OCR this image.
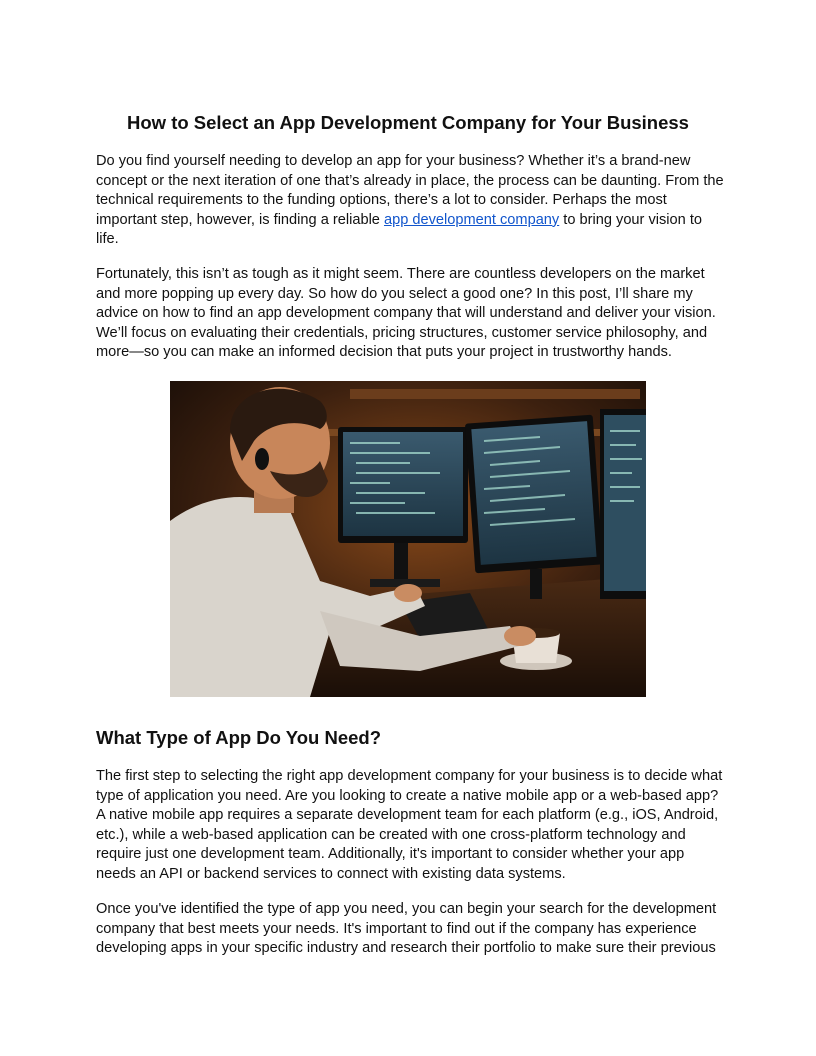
How to Select an App Development Company for Your Business

Do you find yourself needing to develop an app for your business? Whether it’s a brand-new concept or the next iteration of one that’s already in place, the process can be daunting. From the technical requirements to the funding options, there’s a lot to consider. Perhaps the most important step, however, is finding a reliable app development company to bring your vision to life.

Fortunately, this isn’t as tough as it might seem. There are countless developers on the market and more popping up every day. So how do you select a good one? In this post, I’ll share my advice on how to find an app development company that will understand and deliver your vision. We’ll focus on evaluating their credentials, pricing structures, customer service philosophy, and more—so you can make an informed decision that puts your project in trustworthy hands.

What Type of App Do You Need?

The first step to selecting the right app development company for your business is to decide what type of application you need. Are you looking to create a native mobile app or a web-based app? A native mobile app requires a separate development team for each platform (e.g., iOS, Android, etc.), while a web-based application can be created with one cross-platform technology and require just one development team. Additionally, it's important to consider whether your app needs an API or backend services to connect with existing data systems.

Once you've identified the type of app you need, you can begin your search for the development company that best meets your needs. It's important to find out if the company has experience developing apps in your specific industry and research their portfolio to make sure their previous
